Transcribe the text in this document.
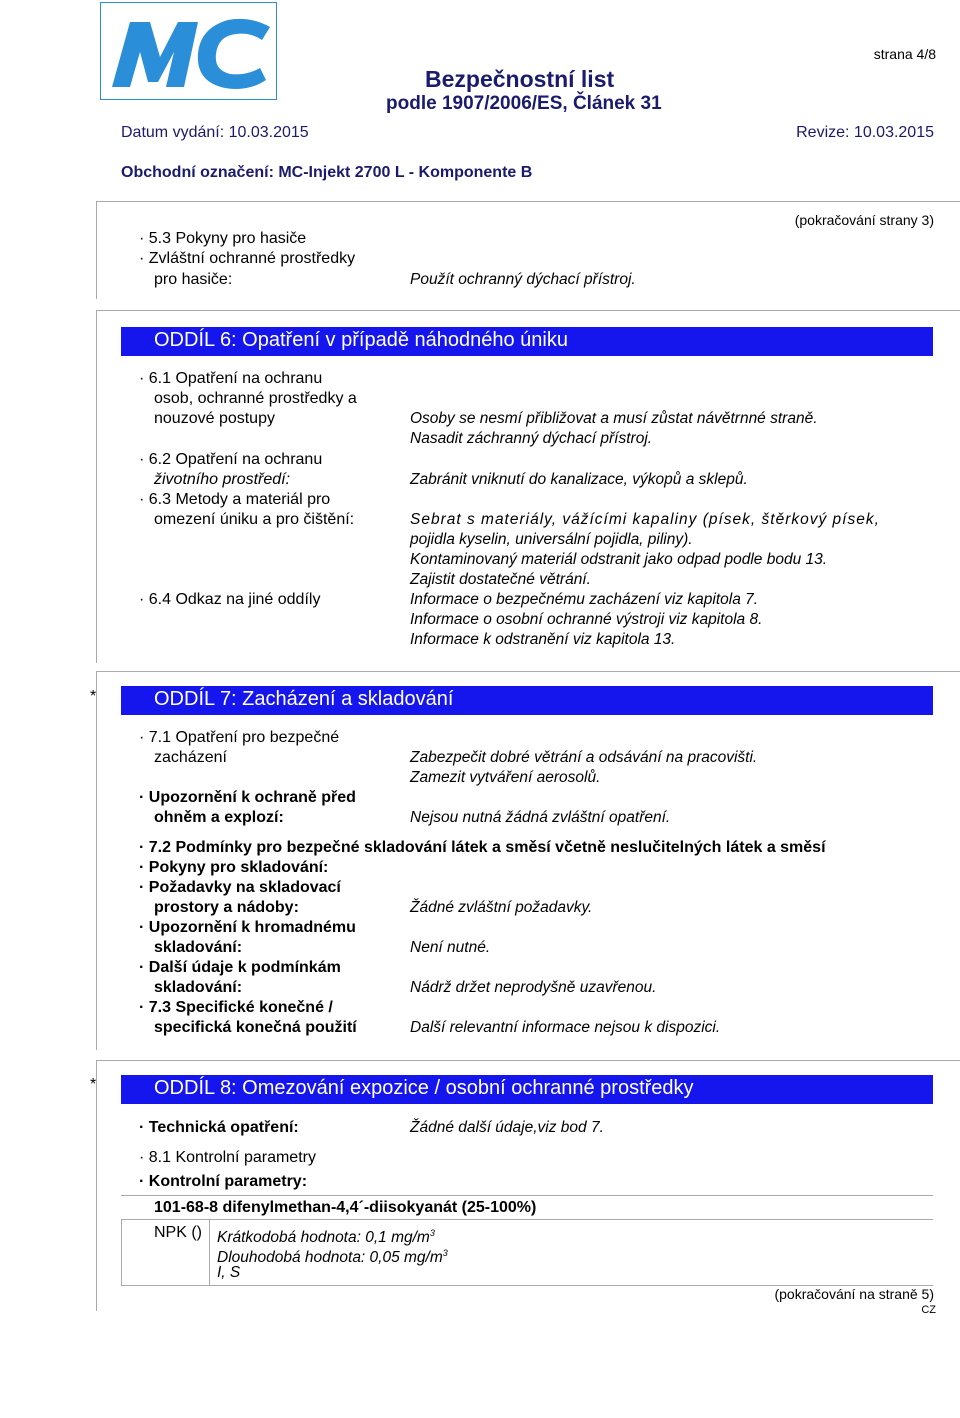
strana 4/8
Bezpečnostní list
podle 1907/2006/ES, Článek 31
Datum vydání: 10.03.2015	Revize: 10.03.2015
Obchodní označení: MC-Injekt 2700 L - Komponente B
(pokračování strany 3)
· 5.3 Pokyny pro hasiče
· Zvláštní ochranné prostředky
pro hasiče:	Použít ochranný dýchací přístroj.
ODDÍL 6: Opatření v případě náhodného úniku
· 6.1 Opatření na ochranu
osob, ochranné prostředky a
nouzové postupy	Osoby se nesmí přibližovat a musí zůstat návětrnné straně.
Nasadit záchranný dýchací přístroj.
· 6.2 Opatření na ochranu
životního prostředí:	Zabránit vniknutí do kanalizace, výkopů a sklepů.
· 6.3 Metody a materiál pro
omezení úniku a pro čištění:	Sebrat s materiály, vážícími kapaliny (písek, štěrkový písek,
pojidla kyselin, universální pojidla, piliny).
Kontaminovaný materiál odstranit jako odpad podle bodu 13.
Zajistit dostatečné větrání.
· 6.4 Odkaz na jiné oddíly	Informace o bezpečnému zacházení viz kapitola 7.
Informace o osobní ochranné výstroji viz kapitola 8.
Informace k odstranění viz kapitola 13.
*	ODDÍL 7: Zacházení a skladování
· 7.1 Opatření pro bezpečné
zacházení	Zabezpečit dobré větrání a odsávání na pracovišti.
Zamezit vytváření aerosolů.
· Upozornění k ochraně před
ohněm a explozí:	Nejsou nutná žádná zvláštní opatření.
· 7.2 Podmínky pro bezpečné skladování látek a směsí včetně neslučitelných látek a směsí
· Pokyny pro skladování:
· Požadavky na skladovací
prostory a nádoby:	Žádné zvláštní požadavky.
· Upozornění k hromadnému
skladování:	Není nutné.
· Další údaje k podmínkám
skladování:	Nádrž držet neprodyšně uzavřenou.
· 7.3 Specifické konečné /
specifická konečná použití	Další relevantní informace nejsou k dispozici.
*	ODDÍL 8: Omezování expozice / osobní ochranné prostředky
· Technická opatření:	Žádné další údaje,viz bod 7.
· 8.1 Kontrolní parametry
· Kontrolní parametry:
101-68-8 difenylmethan-4,4´-diisokyanát (25-100%)
NPK () Krátkodobá hodnota: 0,1 $mg/m^3$
Dlouhodobá hodnota: 0,05 $mg/m^3$
I, S
(pokračování na straně 5)
CZ
